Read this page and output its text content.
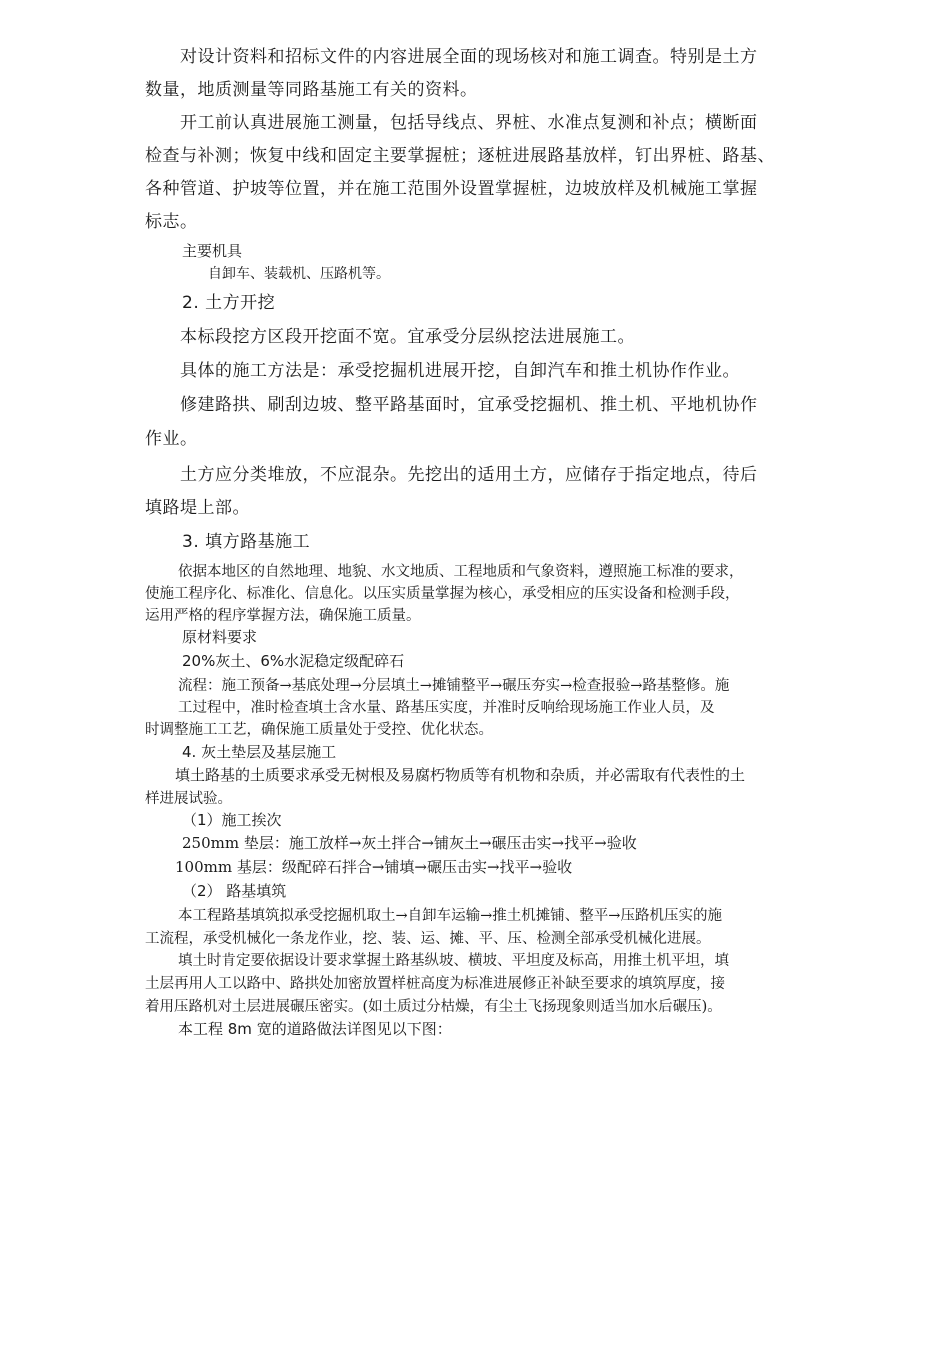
对设计资料和招标文件的内容进展全面的现场核对和施工调查。特别是土方

数量，地质测量等同路基施工有关的资料。

开工前认真进展施工测量，包括导线点、界桩、水准点复测和补点；横断面

检查与补测；恢复中线和固定主要掌握桩；逐桩进展路基放样，钉出界桩、路基、

各种管道、护坡等位置，并在施工范围外设置掌握桩，边坡放样及机械施工掌握

标志。

主要机具

自卸车、装载机、压路机等。

2. 土方开挖

本标段挖方区段开挖面不宽。宜承受分层纵挖法进展施工。

具体的施工方法是：承受挖掘机进展开挖，自卸汽车和推土机协作作业。

修建路拱、刷刮边坡、整平路基面时，宜承受挖掘机、推土机、平地机协作

作业。

土方应分类堆放，不应混杂。先挖出的适用土方，应储存于指定地点，待后

填路堤上部。

3. 填方路基施工

依据本地区的自然地理、地貌、水文地质、工程地质和气象资料，遵照施工标准的要求，

使施工程序化、标准化、信息化。以压实质量掌握为核心，承受相应的压实设备和检测手段，

运用严格的程序掌握方法，确保施工质量。

原材料要求

20%灰土、6%水泥稳定级配碎石

流程：施工预备→基底处理→分层填土→摊铺整平→碾压夯实→检查报验→路基整修。施

工过程中，准时检查填土含水量、路基压实度，并准时反响给现场施工作业人员，及

时调整施工工艺，确保施工质量处于受控、优化状态。

4. 灰土垫层及基层施工

填土路基的土质要求承受无树根及易腐朽物质等有机物和杂质，并必需取有代表性的土

样进展试验。

（1）施工挨次

250mm 垫层：施工放样→灰土拌合→铺灰土→碾压击实→找平→验收

100mm 基层：级配碎石拌合→铺填→碾压击实→找平→验收

（2） 路基填筑

本工程路基填筑拟承受挖掘机取土→自卸车运输→推土机摊铺、整平→压路机压实的施

工流程，承受机械化一条龙作业，挖、装、运、摊、平、压、检测全部承受机械化进展。

填土时肯定要依据设计要求掌握土路基纵坡、横坡、平坦度及标高，用推土机平坦，填

土层再用人工以路中、路拱处加密放置样桩高度为标准进展修正补缺至要求的填筑厚度，接

着用压路机对土层进展碾压密实。(如土质过分枯燥，有尘土飞扬现象则适当加水后碾压)。

本工程 8m 宽的道路做法详图见以下图：
